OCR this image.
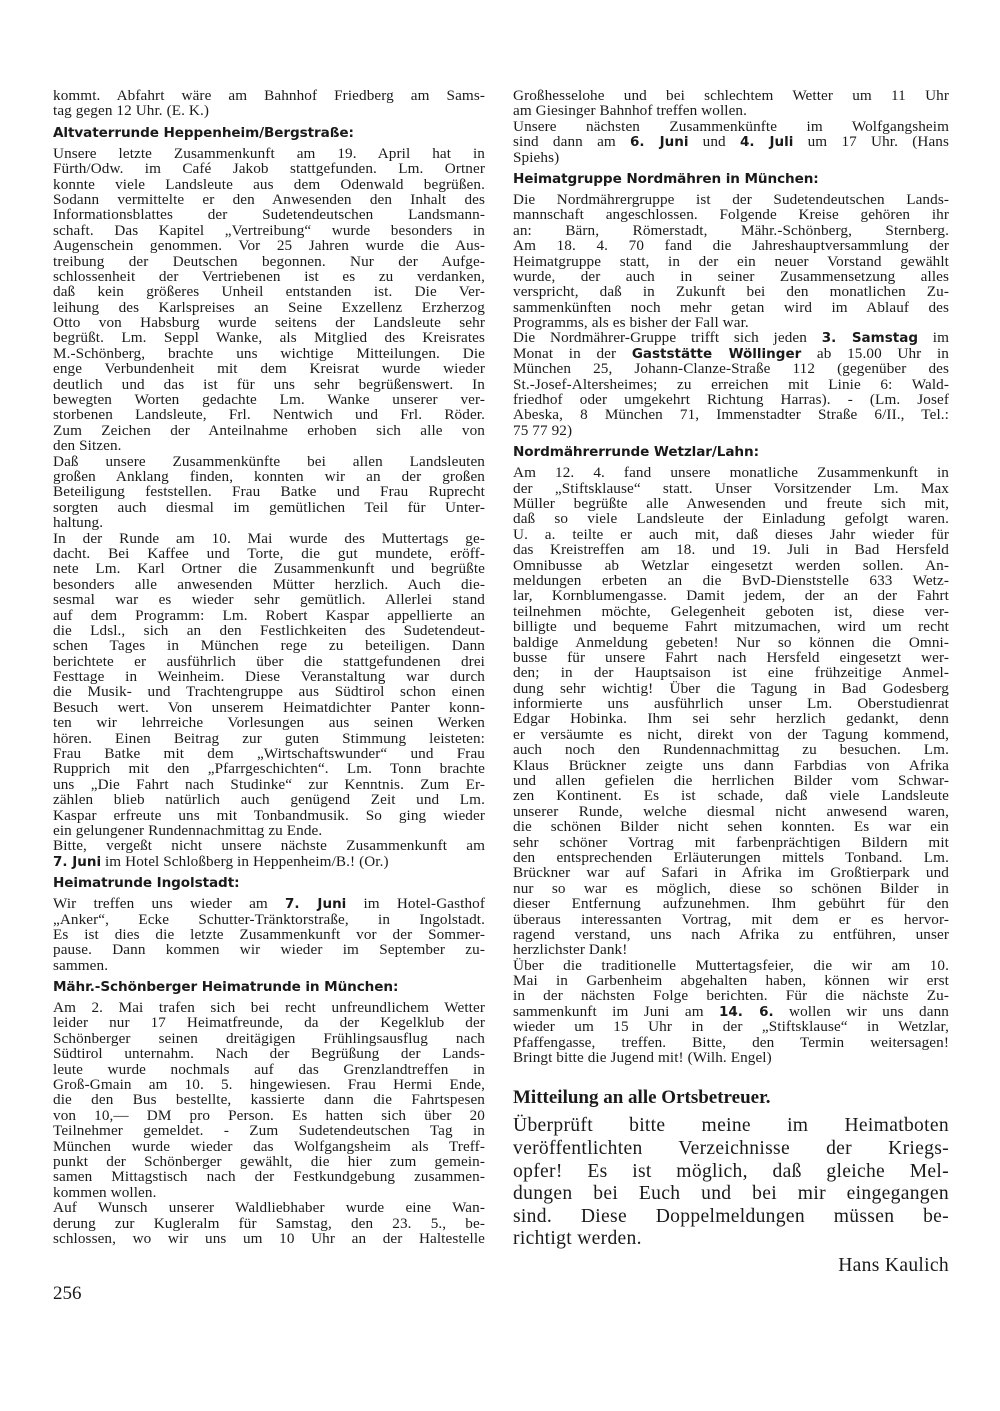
kommt. Abfahrt wäre am Bahnhof Friedberg am Sams-
tag gegen 12 Uhr. (E. K.)
Altvaterrunde Heppenheim/Bergstraße:
Unsere letzte Zusammenkunft am 19. April hat in
Fürth/Odw. im Café Jakob stattgefunden. Lm. Ortner
konnte viele Landsleute aus dem Odenwald begrüßen.
Sodann vermittelte er den Anwesenden den Inhalt des
Informationsblattes der Sudetendeutschen Landsmann-
schaft. Das Kapitel „Vertreibung“ wurde besonders in
Augenschein genommen. Vor 25 Jahren wurde die Aus-
treibung der Deutschen begonnen. Nur der Aufge-
schlossenheit der Vertriebenen ist es zu verdanken,
daß kein größeres Unheil entstanden ist. Die Ver-
leihung des Karlspreises an Seine Exzellenz Erzherzog
Otto von Habsburg wurde seitens der Landsleute sehr
begrüßt. Lm. Seppl Wanke, als Mitglied des Kreisrates
M.-Schönberg, brachte uns wichtige Mitteilungen. Die
enge Verbundenheit mit dem Kreisrat wurde wieder
deutlich und das ist für uns sehr begrüßenswert. In
bewegten Worten gedachte Lm. Wanke unserer ver-
storbenen Landsleute, Frl. Nentwich und Frl. Röder.
Zum Zeichen der Anteilnahme erhoben sich alle von
den Sitzen.
Daß unsere Zusammenkünfte bei allen Landsleuten
großen Anklang finden, konnten wir an der großen
Beteiligung feststellen. Frau Batke und Frau Ruprecht
sorgten auch diesmal im gemütlichen Teil für Unter-
haltung.
In der Runde am 10. Mai wurde des Muttertags ge-
dacht. Bei Kaffee und Torte, die gut mundete, eröff-
nete Lm. Karl Ortner die Zusammenkunft und begrüßte
besonders alle anwesenden Mütter herzlich. Auch die-
sesmal war es wieder sehr gemütlich. Allerlei stand
auf dem Programm: Lm. Robert Kaspar appellierte an
die Ldsl., sich an den Festlichkeiten des Sudetendeut-
schen Tages in München rege zu beteiligen. Dann
berichtete er ausführlich über die stattgefundenen drei
Festtage in Weinheim. Diese Veranstaltung war durch
die Musik- und Trachtengruppe aus Südtirol schon einen
Besuch wert. Von unserem Heimatdichter Panter konn-
ten wir lehrreiche Vorlesungen aus seinen Werken
hören. Einen Beitrag zur guten Stimmung leisteten:
Frau Batke mit dem „Wirtschaftswunder“ und Frau
Rupprich mit den „Pfarrgeschichten“. Lm. Tonn brachte
uns „Die Fahrt nach Studinke“ zur Kenntnis. Zum Er-
zählen blieb natürlich auch genügend Zeit und Lm.
Kaspar erfreute uns mit Tonbandmusik. So ging wieder
ein gelungener Rundennachmittag zu Ende.
Bitte, vergeßt nicht unsere nächste Zusammenkunft am
7. Juni im Hotel Schloßberg in Heppenheim/B.! (Or.)
Heimatrunde Ingolstadt:
Wir treffen uns wieder am 7. Juni im Hotel-Gasthof
„Anker“, Ecke Schutter-Tränktorstraße, in Ingolstadt.
Es ist dies die letzte Zusammenkunft vor der Sommer-
pause. Dann kommen wir wieder im September zu-
sammen.
Mähr.-Schönberger Heimatrunde in München:
Am 2. Mai trafen sich bei recht unfreundlichem Wetter
leider nur 17 Heimatfreunde, da der Kegelklub der
Schönberger seinen dreitägigen Frühlingsausflug nach
Südtirol unternahm. Nach der Begrüßung der Lands-
leute wurde nochmals auf das Grenzlandtreffen in
Groß-Gmain am 10. 5. hingewiesen. Frau Hermi Ende,
die den Bus bestellte, kassierte dann die Fahrtspesen
von 10,— DM pro Person. Es hatten sich über 20
Teilnehmer gemeldet. - Zum Sudetendeutschen Tag in
München wurde wieder das Wolfgangsheim als Treff-
punkt der Schönberger gewählt, die hier zum gemein-
samen Mittagstisch nach der Festkundgebung zusammen-
kommen wollen.
Auf Wunsch unserer Waldliebhaber wurde eine Wan-
derung zur Kugleralm für Samstag, den 23. 5., be-
schlossen, wo wir uns um 10 Uhr an der Haltestelle
Großhesselohe und bei schlechtem Wetter um 11 Uhr
am Giesinger Bahnhof treffen wollen.
Unsere nächsten Zusammenkünfte im Wolfgangsheim
sind dann am 6. Juni und 4. Juli um 17 Uhr. (Hans
Spiehs)
Heimatgruppe Nordmähren in München:
Die Nordmährergruppe ist der Sudetendeutschen Lands-
mannschaft angeschlossen. Folgende Kreise gehören ihr
an: Bärn, Römerstadt, Mähr.-Schönberg, Sternberg.
Am 18. 4. 70 fand die Jahreshauptversammlung der
Heimatgruppe statt, in der ein neuer Vorstand gewählt
wurde, der auch in seiner Zusammensetzung alles
verspricht, daß in Zukunft bei den monatlichen Zu-
sammenkünften noch mehr getan wird im Ablauf des
Programms, als es bisher der Fall war.
Die Nordmährer-Gruppe trifft sich jeden 3. Samstag im
Monat in der Gaststätte Wöllinger ab 15.00 Uhr in
München 25, Johann-Clanze-Straße 112 (gegenüber des
St.-Josef-Altersheimes; zu erreichen mit Linie 6: Wald-
friedhof oder umgekehrt Richtung Harras). - (Lm. Josef
Abeska, 8 München 71, Immenstadter Straße 6/II., Tel.:
75 77 92)
Nordmährerrunde Wetzlar/Lahn:
Am 12. 4. fand unsere monatliche Zusammenkunft in
der „Stiftsklause“ statt. Unser Vorsitzender Lm. Max
Müller begrüßte alle Anwesenden und freute sich mit,
daß so viele Landsleute der Einladung gefolgt waren.
U. a. teilte er auch mit, daß dieses Jahr wieder für
das Kreistreffen am 18. und 19. Juli in Bad Hersfeld
Omnibusse ab Wetzlar eingesetzt werden sollen. An-
meldungen erbeten an die BvD-Dienststelle 633 Wetz-
lar, Kornblumengasse. Damit jedem, der an der Fahrt
teilnehmen möchte, Gelegenheit geboten ist, diese ver-
billigte und bequeme Fahrt mitzumachen, wird um recht
baldige Anmeldung gebeten! Nur so können die Omni-
busse für unsere Fahrt nach Hersfeld eingesetzt wer-
den; in der Hauptsaison ist eine frühzeitige Anmel-
dung sehr wichtig! Über die Tagung in Bad Godesberg
informierte uns ausführlich unser Lm. Oberstudienrat
Edgar Hobinka. Ihm sei sehr herzlich gedankt, denn
er versäumte es nicht, direkt von der Tagung kommend,
auch noch den Rundennachmittag zu besuchen. Lm.
Klaus Brückner zeigte uns dann Farbdias von Afrika
und allen gefielen die herrlichen Bilder vom Schwar-
zen Kontinent. Es ist schade, daß viele Landsleute
unserer Runde, welche diesmal nicht anwesend waren,
die schönen Bilder nicht sehen konnten. Es war ein
sehr schöner Vortrag mit farbenprächtigen Bildern mit
den entsprechenden Erläuterungen mittels Tonband. Lm.
Brückner war auf Safari in Afrika im Großtierpark und
nur so war es möglich, diese so schönen Bilder in
dieser Entfernung aufzunehmen. Ihm gebührt für den
überaus interessanten Vortrag, mit dem er es hervor-
ragend verstand, uns nach Afrika zu entführen, unser
herzlichster Dank!
Über die traditionelle Muttertagsfeier, die wir am 10.
Mai in Garbenheim abgehalten haben, können wir erst
in der nächsten Folge berichten. Für die nächste Zu-
sammenkunft im Juni am 14. 6. wollen wir uns dann
wieder um 15 Uhr in der „Stiftsklause“ in Wetzlar,
Pfaffengasse, treffen. Bitte, den Termin weitersagen!
Bringt bitte die Jugend mit! (Wilh. Engel)
Mitteilung an alle Ortsbetreuer.
Überprüft bitte meine im Heimatboten
veröffentlichten Verzeichnisse der Kriegs-
opfer! Es ist möglich, daß gleiche Mel-
dungen bei Euch und bei mir eingegangen
sind. Diese Doppelmeldungen müssen be-
richtigt werden.
Hans Kaulich
256
